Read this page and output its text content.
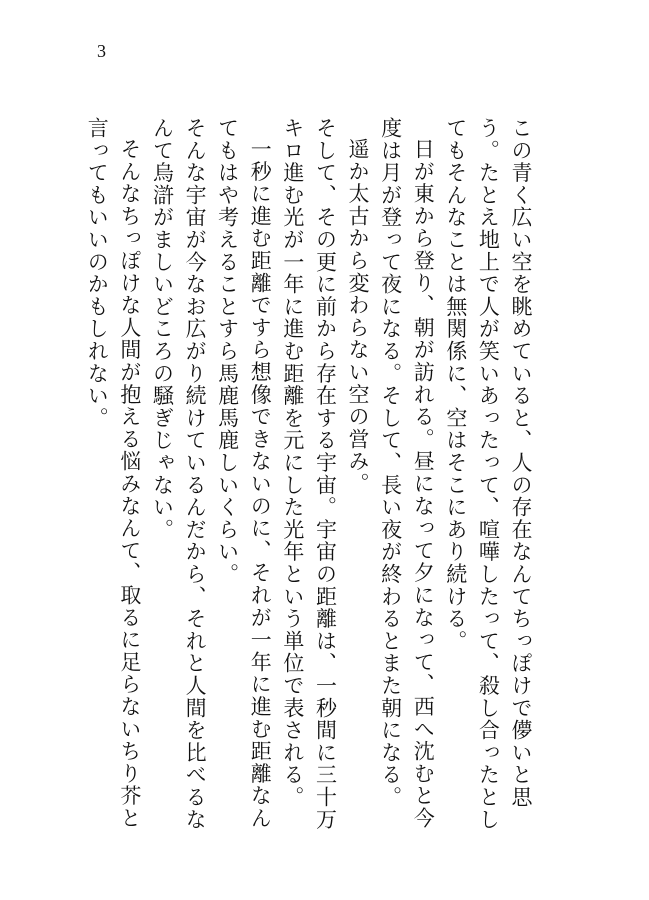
3

この青く広い空を眺めていると、人の存在なんてちっぽけで儚いと思う。たとえ地上で人が笑いあったって、喧嘩したって、殺し合ったとしてもそんなことは無関係に、空はそこにあり続ける。

日が東から登り、朝が訪れる。昼になって夕になって、西へ沈むと今度は月が登って夜になる。そして、長い夜が終わるとまた朝になる。

遥か太古から変わらない空の営み。

そして、その更に前から存在する宇宙。宇宙の距離は、一秒間に三十万キロ進む光が一年に進む距離を元にした光年という単位で表される。

一秒に進む距離ですら想像できないのに、それが一年に進む距離なんてもはや考えることすら馬鹿馬鹿しいくらい。

そんな宇宙が今なお広がり続けているんだから、それと人間を比べるなんて烏滸がましいどころの騒ぎじゃない。

そんなちっぽけな人間が抱える悩みなんて、取るに足らないちり芥と言ってもいいのかもしれない。
